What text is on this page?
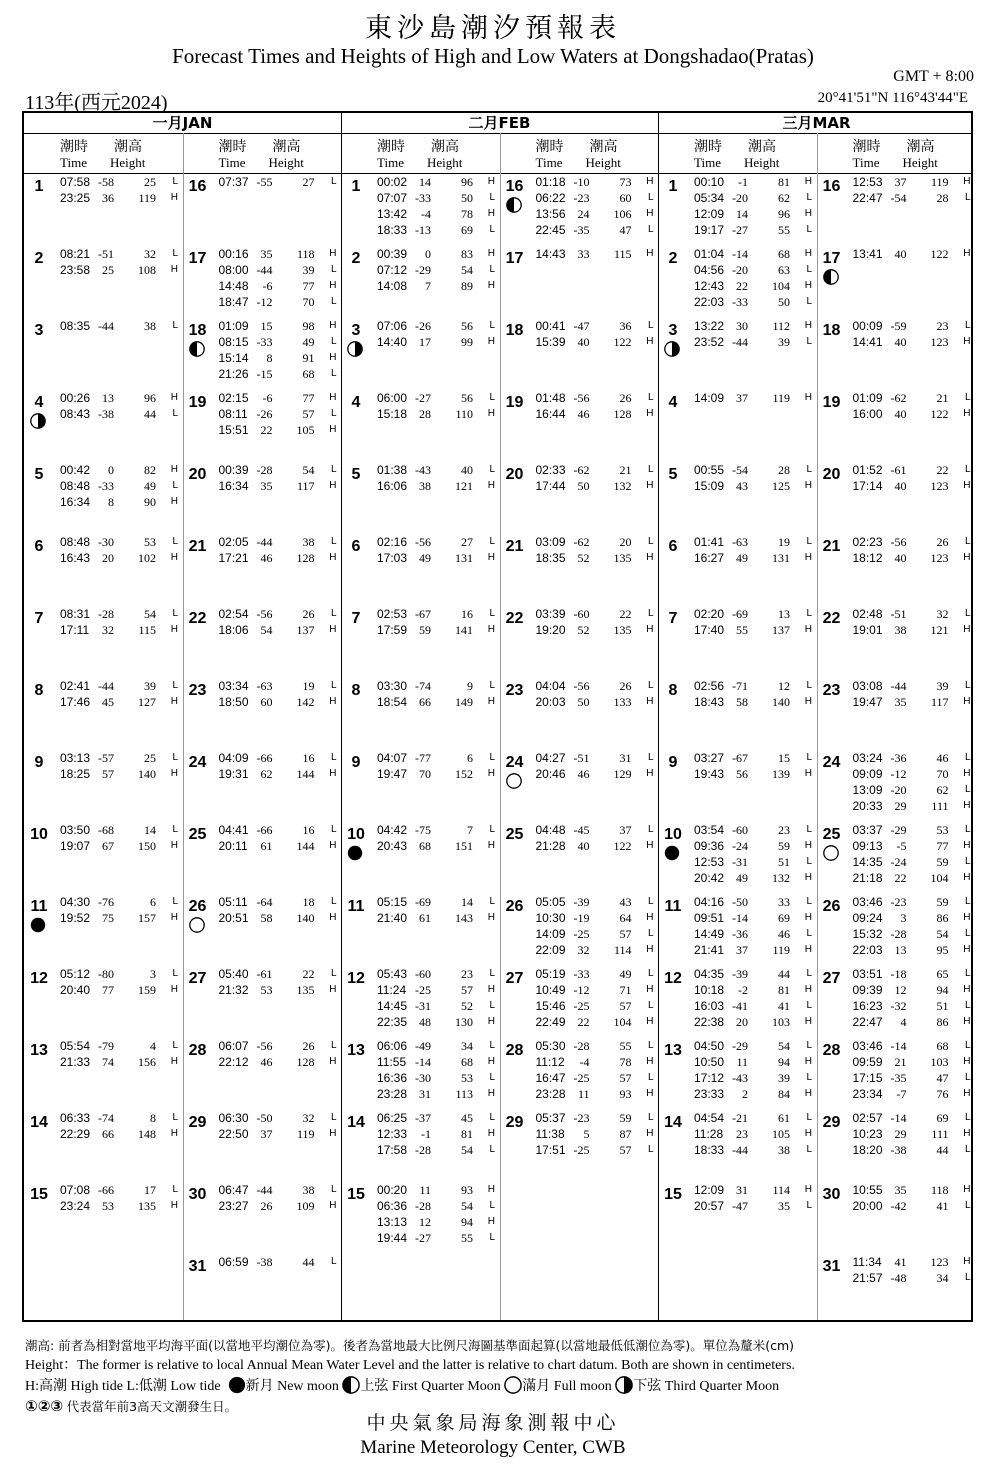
東沙島潮汐預報表
Forecast Times and Heights of High and Low Waters at Dongshadao(Pratas)
GMT + 8:00
113年(西元2024)	20°41'51"N 116°43'44"E
一月JAN
潮時 潮高
Time Height
潮時 潮高
Time Height
1	07:58 -58	25 L
23:25 36 119 H
2	08:21 -51	32 L
23:58 25 108 H
3	08:35 -44	38 L
4	00:26 13	96 H
08:43 -38	44 L
5	00:42 0	82 H
08:48 -33	49 L
16:34 8	90 H
6	08:48 -30	53 L
16:43 20 102 H
7	08:31 -28	54 L
17:11 32 115 H
8	02:41 -44	39 L
17:46 45 127 H
9	03:13 -57	25 L
18:25 57 140 H
10	03:50 -68	14 L
19:07 67 150 H
11	04:30 -76	6 L
19:52 75 157 H
12	05:12 -80	3 L
20:40 77 159 H
13	05:54 -79	4 L
21:33 74 156 H
14	06:33 -74	8 L
22:29 66 148 H
15	07:08 -66	17 L
23:24 53 135 H
16	07:37 -55	27 L
17	00:16 35 118 H
08:00 -44	39 L
14:48 -6	77 H
18:47 -12	70 L
18	01:09 15	98 H
08:15 -33	49 L
15:14 8	91 H
21:26 -15	68 L
19	02:15 -6	77 H
08:11 -26	57 L
15:51 22 105 H
20	00:39 -28	54 L
16:34 35 117 H
21	02:05 -44	38 L
17:21 46 128 H
22	02:54 -56	26 L
18:06 54 137 H
23	03:34 -63	19 L
18:50 60 142 H
24	04:09 -66	16 L
19:31 62 144 H
25	04:41 -66	16 L
20:11 61 144 H
26	05:11 -64	18 L
20:51 58 140 H
27	05:40 -61	22 L
21:32 53 135 H
28	06:07 -56	26 L
22:12 46 128 H
29	06:30 -50	32 L
22:50 37 119 H
30	06:47 -44	38 L
23:27 26 109 H
31	06:59 -38	44 L
二月FEB
潮時 潮高
Time Height
潮時 潮高
Time Height
1	00:02 14	96 H
07:07 -33	50 L
13:42 -4	78 H
18:33 -13	69 L
2	00:39 0	83 H
07:12 -29	54 L
14:08 7	89 H
3	07:06 -26	56 L
14:40 17	99 H
4	06:00 -27	56 L
15:18 28 110 H
5	01:38 -43	40 L
16:06 38 121 H
6	02:16 -56	27 L
17:03 49 131 H
7	02:53 -67	16 L
17:59 59 141 H
8	03:30 -74	9 L
18:54 66 149 H
9	04:07 -77	6 L
19:47 70 152 H
10	04:42 -75	7 L
20:43 68 151 H
11	05:15 -69	14 L
21:40 61 143 H
12	05:43 -60	23 L
11:24 -25	57 H
14:45 -31	52 L
22:35 48 130 H
13	06:06 -49	34 L
11:55 -14	68 H
16:36 -30	53 L
23:28 31 113 H
14	06:25 -37	45 L
12:33 -1	81 H
17:58 -28	54 L
15	00:20 11	93 H
06:36 -28	54 L
13:13 12	94 H
19:44 -27	55 L
16	01:18 -10	73 H
06:22 -23	60 L
13:56 24 106 H
22:45 -35	47 L
17	14:43 33 115 H
18	00:41 -47	36 L
15:39 40 122 H
19	01:48 -56	26 L
16:44 46 128 H
20	02:33 -62	21 L
17:44 50 132 H
21	03:09 -62	20 L
18:35 52 135 H
22	03:39 -60	22 L
19:20 52 135 H
23	04:04 -56	26 L
20:03 50 133 H
24	04:27 -51	31 L
20:46 46 129 H
25	04:48 -45	37 L
21:28 40 122 H
26	05:05 -39	43 L
10:30 -19	64 H
14:09 -25	57 L
22:09 32 114 H
27	05:19 -33	49 L
10:49 -12	71 H
15:46 -25	57 L
22:49 22 104 H
28	05:30 -28	55 L
11:12 -4	78 H
16:47 -25	57 L
23:28 11	93 H
29	05:37 -23	59 L
11:38 5	87 H
17:51 -25	57 L
三月MAR
潮時 潮高
Time Height
潮時 潮高
Time Height
1	00:10 -1	81 H
05:34 -20	62 L
12:09 14	96 H
19:17 -27	55 L
2	01:04 -14	68 H
04:56 -20	63 L
12:43 22 104 H
22:03 -33	50 L
3	13:22 30 112 H
23:52 -44	39 L
4	14:09 37 119 H
5	00:55 -54	28 L
15:09 43 125 H
6	01:41 -63	19 L
16:27 49 131 H
7	02:20 -69	13 L
17:40 55 137 H
8	02:56 -71	12 L
18:43 58 140 H
9	03:27 -67	15 L
19:43 56 139 H
10	03:54 -60	23 L
09:36 -24	59 H
12:53 -31	51 L
20:42 49 132 H
11	04:16 -50	33 L
09:51 -14	69 H
14:49 -36	46 L
21:41 37 119 H
12	04:35 -39	44 L
10:18 -2	81 H
16:03 -41	41 L
22:38 20 103 H
13	04:50 -29	54 L
10:50 11	94 H
17:12 -43	39 L
23:33 2	84 H
14	04:54 -21	61 L
11:28 23 105 H
18:33 -44	38 L
15	12:09 31 114 H
20:57 -47	35 L
16	12:53 37 119 H
22:47 -54	28 L
17	13:41 40 122 H
18	00:09 -59	23 L
14:41 40 123 H
19	01:09 -62	21 L
16:00 40 122 H
20	01:52 -61	22 L
17:14 40 123 H
21	02:23 -56	26 L
18:12 40 123 H
22	02:48 -51	32 L
19:01 38 121 H
23	03:08 -44	39 L
19:47 35 117 H
24	03:24 -36	46 L
09:09 -12	70 H
13:09 -20	62 L
20:33 29 111 H
25	03:37 -29	53 L
09:13 -5	77 H
14:35 -24	59 L
21:18 22 104 H
26	03:46 -23	59 L
09:24 3	86 H
15:32 -28	54 L
22:03 13	95 H
27	03:51 -18	65 L
09:39 12	94 H
16:23 -32	51 L
22:47 4	86 H
28	03:46 -14	68 L
09:59 21 103 H
17:15 -35	47 L
23:34 -7	76 H
29	02:57 -14	69 L
10:23 29 111 H
18:20 -38	44 L
30	10:55 35 118 H
20:00 -42	41 L
31	11:34 41 123 H
21:57 -48	34 L
潮高: 前者為相對當地平均海平面(以當地平均潮位為零)。後者為當地最大比例尺海圖基準面起算(以當地最低低潮位為零)。單位為釐米(cm)
Height：The former is relative to local Annual Mean Water Level and the latter is relative to chart datum. Both are shown in centimeters.
H:高潮 High tide L:低潮 Low tide 新月 New moon 上弦 First Quarter Moon 滿月 Full moon 下弦 Third Quarter Moon
①②③ 代表當年前3高天文潮發生日。
中央氣象局海象測報中心
Marine Meteorology Center, CWB
